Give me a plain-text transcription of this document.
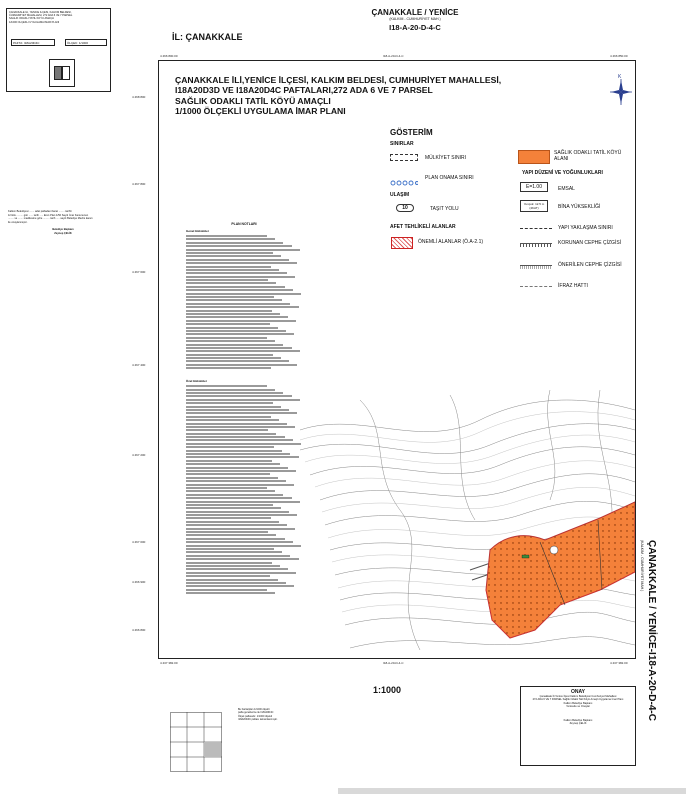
ÇANAKKALE İLİ, YENİCE İLÇESİ, KALKIM BELDESİ,
CUMHURİYET MAHALLESİ, 272 ADA 6 VE 7 PARSEL
SAĞLIK ODAKLI TATİL KÖYÜ AMAÇLI
1/1000 ÖLÇEKLİ UYGULAMA İMAR PLANI
PAFTA: I18A20D4C	ÖLÇEK: 1/1000
İL: ÇANAKKALE
ÇANAKKALE / YENİCE
(KALKIM - CUMHURİYET MAH.)
I18-A-20-D-4-C
4 466 800.00	I18-A-20-D-4-C	4 466 850.00
4 437 382.00	I18-A-20-D-4-C	4 437 382.00
4 468 800
4 467 800
4 467 600
4 467 400
4 467 200
4 467 000
4 466 900
4 466 800
ÇANAKKALE İLİ,YENİCE İLÇESİ, KALKIM BELDESİ, CUMHURİYET MAHALLESİ,
I18A20D3D VE I18A20D4C PAFTALARI,272 ADA 6 VE 7 PARSEL
SAĞLIK ODAKLI TATİL KÖYÜ AMAÇLI
1/1000 ÖLÇEKLİ UYGULAMA İMAR PLANI
K
GÖSTERİM
SINIRLAR
MÜLKİYET SINIRI
PLAN ONAMA SINIRI
ULAŞIM
10	TAŞIT YOLU
AFET TEHLİKELİ ALANLAR
ÖNEMLİ ALANLAR (Ö.A-2.1)
SAĞLIK ODAKLI TATİL KÖYÜ ALANI
YAPI DÜZENİ VE YOĞUNLUKLARI
E=1.00	EMSAL
Yençok: 12.5 m (4KAT)	BİNA YÜKSEKLİĞİ
YAPI YAKLAŞMA SINIRI
KORUNAN CEPHE ÇİZGİSİ
ÖNERİLEN CEPHE ÇİZGİSİ
İFRAZ HATTI
PLAN NOTLARI
Genel Hükümler
Özel Hükümler
Kalkım Belediyesi ....... adet paftadan ibaret ........ tarihli
& Nolu ......... gün ...... tarih ..... Eren Plan 1/50 Sayılı İmar Kanununun
........ ve ....... maddesine göre ......... tarih ..... sayılı Belediye Meclis kararı
ile onaylanmıştır.
Belediye Başkanı
Zeynep ÇELİK
ÇANAKKALE / YENİCE-I18-A-20-D-4-C
(KALKIM - CUMHURİYET MAH.)
1:1000	ONAY
Çanakkale İli Yenice İlçesi Kalkım Belediyesi Cumhuriyet Mahallesi
272 ADA 6 VE 7 PARSEL Sağlık Odaklı Tatil Köyü Amaçlı Uygulama İmar Planı
Kalkım Belediye Başkanı
Yenicede ve Onaylar
Kalkım Belediye Başkanı
Zeynep ÇELİK
Bu harita/plan 1/1000 ölçekli
pafta gereklerine ile I18A20D4C
Ölçek paftasıdır. 1/1000 ölçekli
I18A20D4C paftası tamamlanmıştır.
